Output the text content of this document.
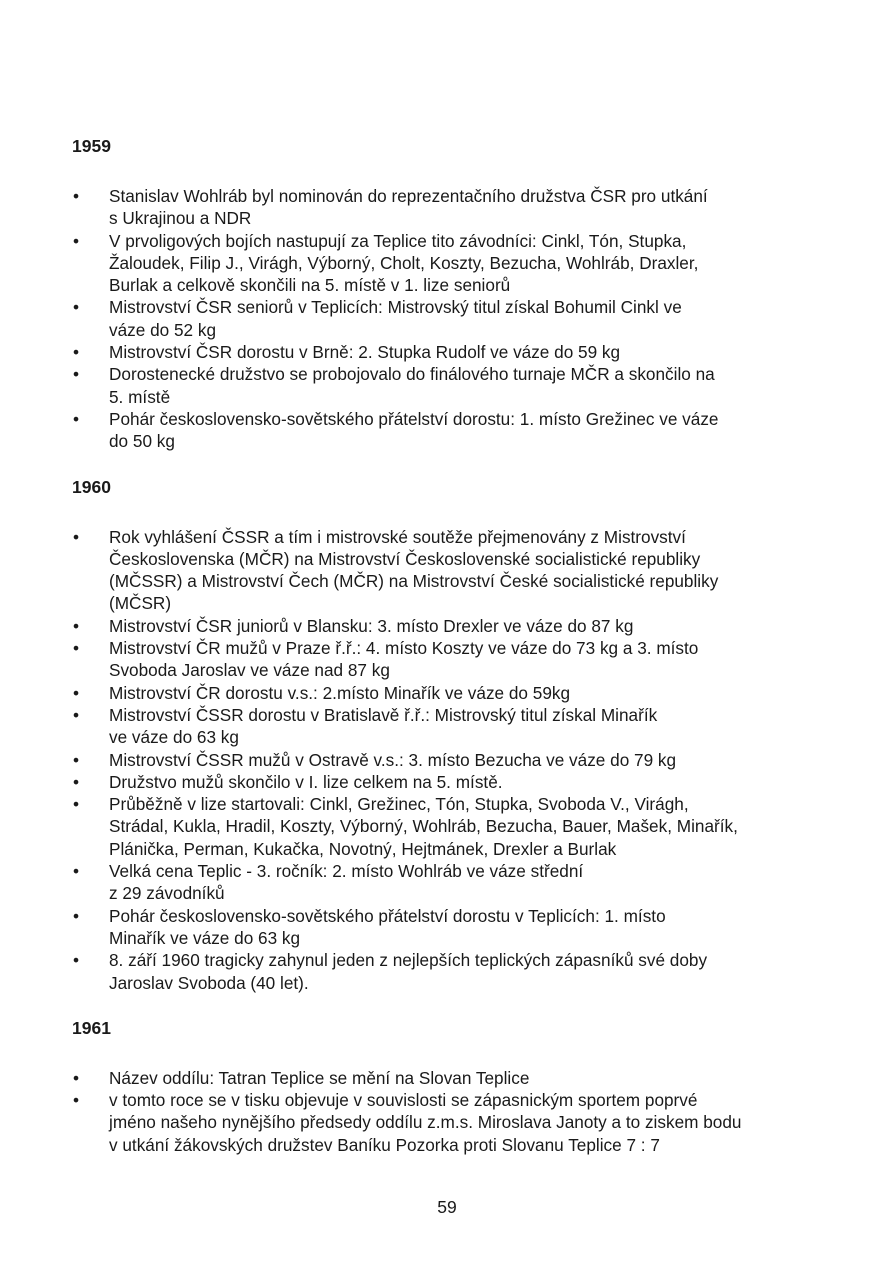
1959
• Stanislav Wohlráb byl nominován do reprezentačního družstva ČSR pro utkání
s Ukrajinou a NDR
• V prvoligových bojích nastupují za Teplice tito závodníci: Cinkl, Tón, Stupka,
Žaloudek, Filip J., Virágh, Výborný, Cholt, Koszty, Bezucha, Wohlráb, Draxler,
Burlak a celkově skončili na 5. místě v 1. lize seniorů
• Mistrovství ČSR seniorů v Teplicích: Mistrovský titul získal Bohumil Cinkl ve
váze do 52 kg
• Mistrovství ČSR dorostu v Brně: 2. Stupka Rudolf ve váze do 59 kg
• Dorostenecké družstvo se probojovalo do finálového turnaje MČR a skončilo na
5. místě
• Pohár československo-sovětského přátelství dorostu: 1. místo Grežinec ve váze
do 50 kg
1960
• Rok vyhlášení ČSSR a tím i mistrovské soutěže přejmenovány z Mistrovství
Československa (MČR) na Mistrovství Československé socialistické republiky
(MČSSR) a Mistrovství Čech (MČR) na Mistrovství České socialistické republiky
(MČSR)
• Mistrovství ČSR juniorů v Blansku: 3. místo Drexler ve váze do 87 kg
• Mistrovství ČR mužů v Praze ř.ř.: 4. místo Koszty ve váze do 73 kg a 3. místo
Svoboda Jaroslav ve váze nad 87 kg
• Mistrovství ČR dorostu v.s.: 2.místo Minařík ve váze do 59kg
• Mistrovství ČSSR dorostu v Bratislavě ř.ř.: Mistrovský titul získal Minařík
ve váze do 63 kg
• Mistrovství ČSSR mužů v Ostravě v.s.: 3. místo Bezucha ve váze do 79 kg
• Družstvo mužů skončilo v I. lize celkem na 5. místě.
• Průběžně v lize startovali: Cinkl, Grežinec, Tón, Stupka, Svoboda V., Virágh,
Strádal, Kukla, Hradil, Koszty, Výborný, Wohlráb, Bezucha, Bauer, Mašek, Minařík,
Plánička, Perman, Kukačka, Novotný, Hejtmánek, Drexler a Burlak
• Velká cena Teplic - 3. ročník: 2. místo Wohlráb ve váze střední
z 29 závodníků
• Pohár československo-sovětského přátelství dorostu v Teplicích: 1. místo
Minařík ve váze do 63 kg
• 8. září 1960 tragicky zahynul jeden z nejlepších teplických zápasníků své doby
Jaroslav Svoboda (40 let).
1961
• Název oddílu: Tatran Teplice se mění na Slovan Teplice
• v tomto roce se v tisku objevuje v souvislosti se zápasnickým sportem poprvé
jméno našeho nynějšího předsedy oddílu z.m.s. Miroslava Janoty a to ziskem bodu
v utkání žákovských družstev Baníku Pozorka proti Slovanu Teplice 7 : 7
59
